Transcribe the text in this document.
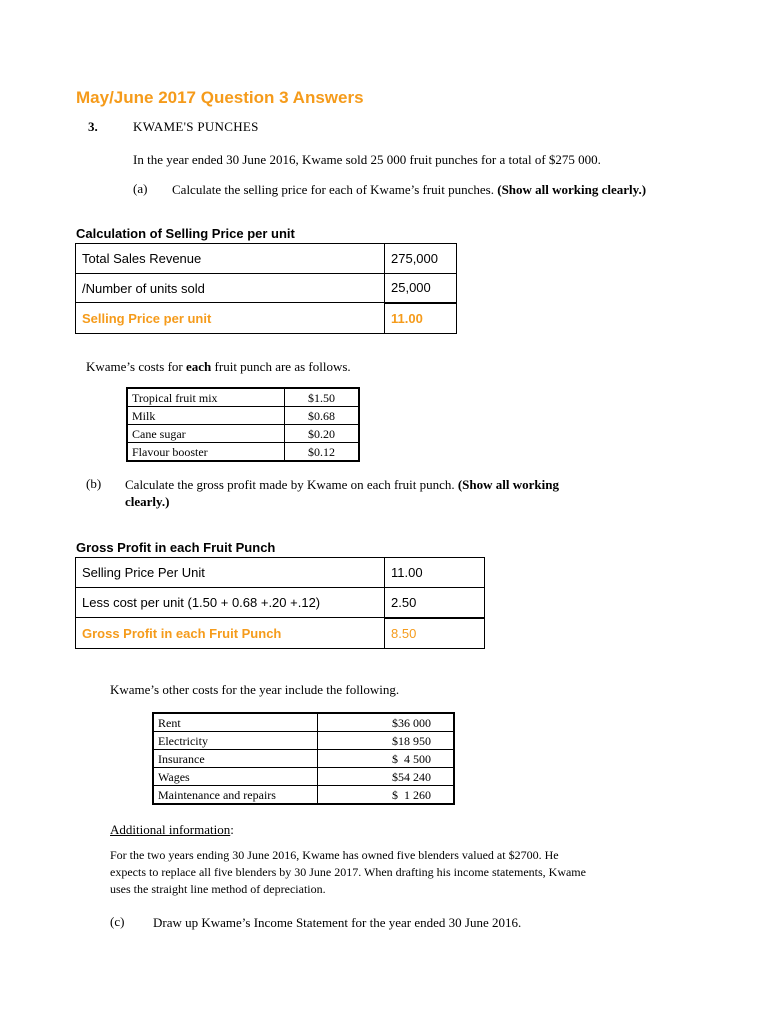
May/June 2017 Question 3 Answers
3.	KWAME'S PUNCHES
In the year ended 30 June 2016, Kwame sold 25 000 fruit punches for a total of $275 000.
(a) Calculate the selling price for each of Kwame’s fruit punches. (Show all working clearly.)
Calculation of Selling Price per unit
Total Sales Revenue	275,000
/Number of units sold	25,000
Selling Price per unit	11.00
Kwame’s costs for each fruit punch are as follows.
Tropical fruit mix	$1.50
Milk	$0.68
Cane sugar	$0.20
Flavour booster	$0.12
(b) Calculate the gross profit made by Kwame on each fruit punch. (Show all working
clearly.)
Gross Profit in each Fruit Punch
Selling Price Per Unit	11.00
Less cost per unit (1.50 + 0.68 +.20 +.12)	2.50
Gross Profit in each Fruit Punch	8.50
Kwame’s other costs for the year include the following.
Rent	$36 000
Electricity	$18 950
Insurance	$  4 500
Wages	$54 240
Maintenance and repairs	$  1 260
Additional information:
For the two years ending 30 June 2016, Kwame has owned five blenders valued at $2700. He
expects to replace all five blenders by 30 June 2017. When drafting his income statements, Kwame
uses the straight line method of depreciation.
(c) Draw up Kwame’s Income Statement for the year ended 30 June 2016.
